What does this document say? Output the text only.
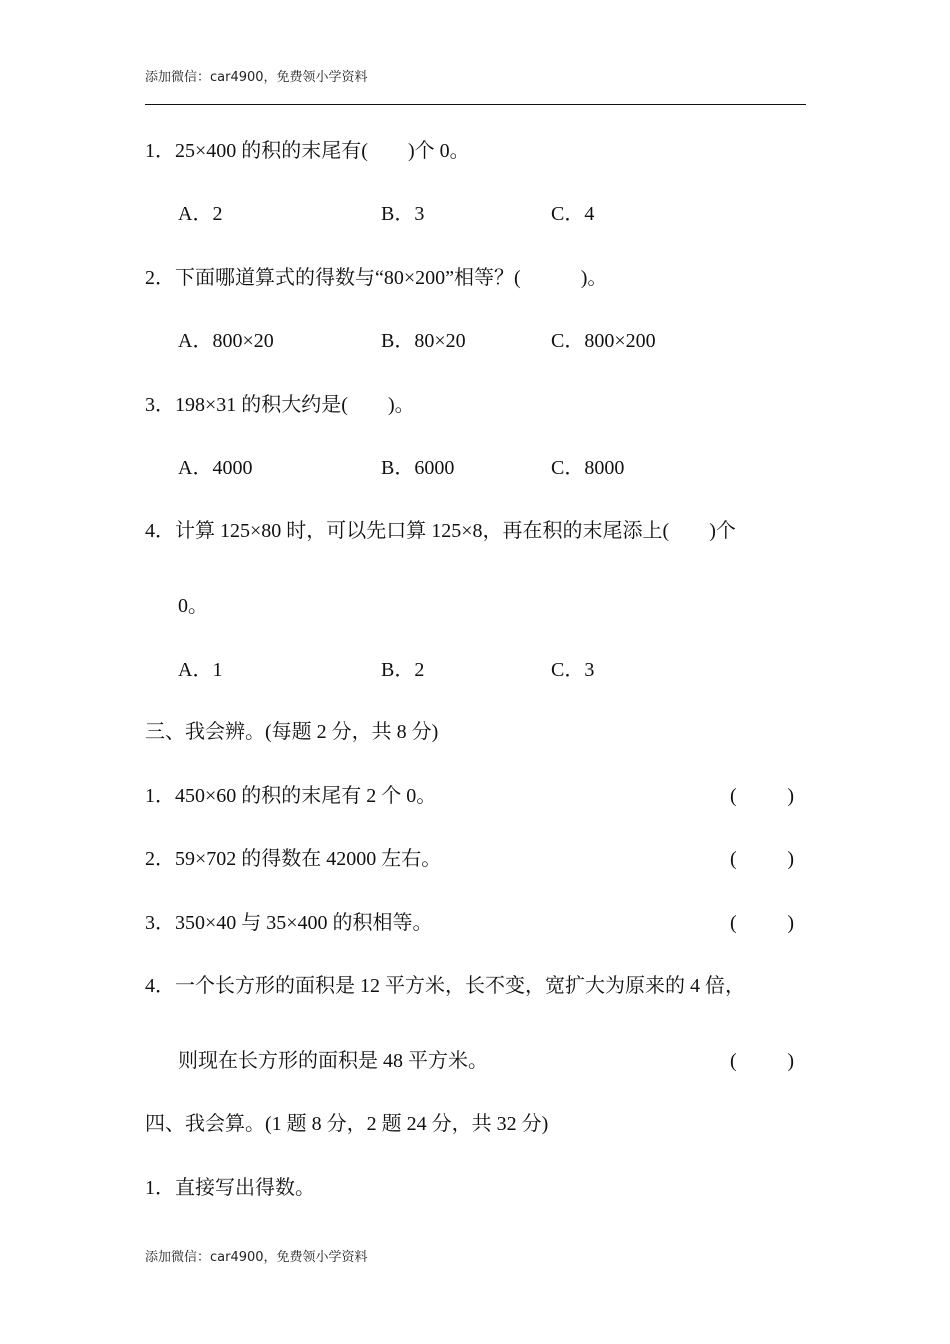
添加微信：car4900，免费领小学资料
1．25×400 的积的末尾有(        )个 0。
A．2	B．3	C．4
2．下面哪道算式的得数与“80×200”相等？(            )。
A．800×20	B．80×20	C．800×200
3．198×31 的积大约是(        )。
A．4000	B．6000	C．8000
4．计算 125×80 时，可以先口算 125×8，再在积的末尾添上(        )个
0。
A．1	B．2	C．3
三、我会辨。(每题 2 分，共 8 分)
1．450×60 的积的末尾有 2 个 0。	(	)
2．59×702 的得数在 42000 左右。	(	)
3．350×40 与 35×400 的积相等。	(	)
4．一个长方形的面积是 12 平方米，长不变，宽扩大为原来的 4 倍，
则现在长方形的面积是 48 平方米。	(	)
四、我会算。(1 题 8 分，2 题 24 分，共 32 分)
1．直接写出得数。
添加微信：car4900，免费领小学资料
